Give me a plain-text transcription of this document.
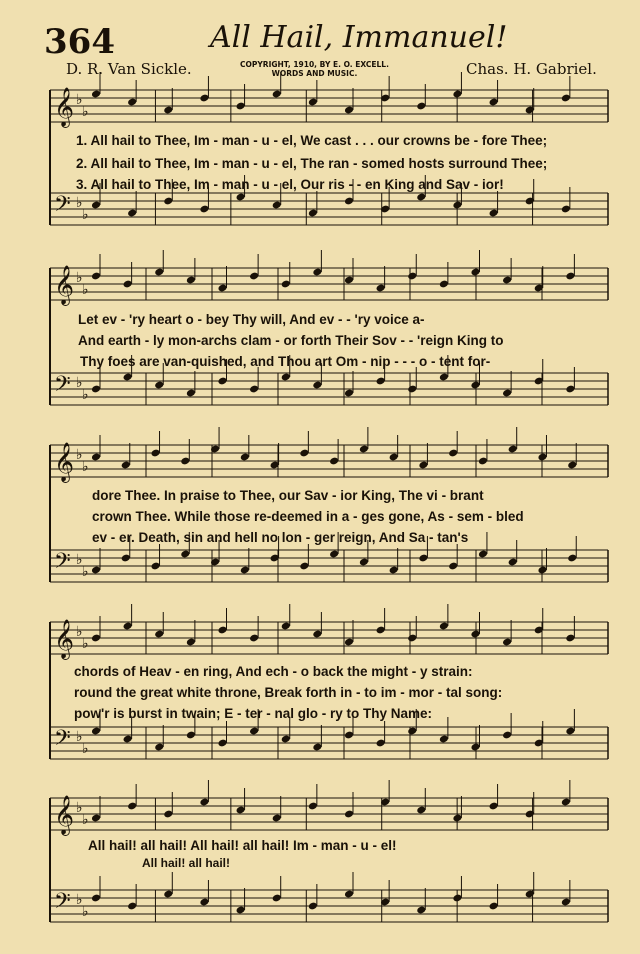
364	All Hail, Immanuel!
D. R. Van Sickle.	COPYRIGHT, 1910, BY E. O. EXCELL.
WORDS AND MUSIC.	Chas. H. Gabriel.
𝄞
𝄢
♭
♭
♭
♭
𝄞
𝄢
♭
♭
♭
♭
𝄞
𝄢
♭
♭
♭
♭
𝄞
𝄢
♭
♭
♭
♭
𝄞
𝄢
♭
♭
♭
♭
1. All hail to Thee, Im - man - u - el, We cast . . . our crowns be - fore Thee;
2. All hail to Thee, Im - man - u - el, The ran - somed hosts surround Thee;
3. All hail to Thee, Im - man - u - el, Our ris - - en King and Sav - ior!
Let ev - 'ry heart o - bey Thy will, And ev - - 'ry voice a-
And earth - ly mon-archs clam - or forth Their Sov - - 'reign King to
Thy foes are van-quished, and Thou art Om - nip - - - o - tent for-
dore Thee. In praise to Thee, our Sav - ior King, The vi - brant
crown Thee. While those re-deemed in a - ges gone, As - sem - bled
ev - er. Death, sin and hell no lon - ger reign, And Sa - tan's
chords of Heav - en ring, And ech - o back the might - y strain:
round the great white throne, Break forth in - to im - mor - tal song:
pow'r is burst in twain; E - ter - nal glo - ry to Thy Name:
All hail! all hail! All hail! all hail! Im - man - u - el!
All hail! all hail!
